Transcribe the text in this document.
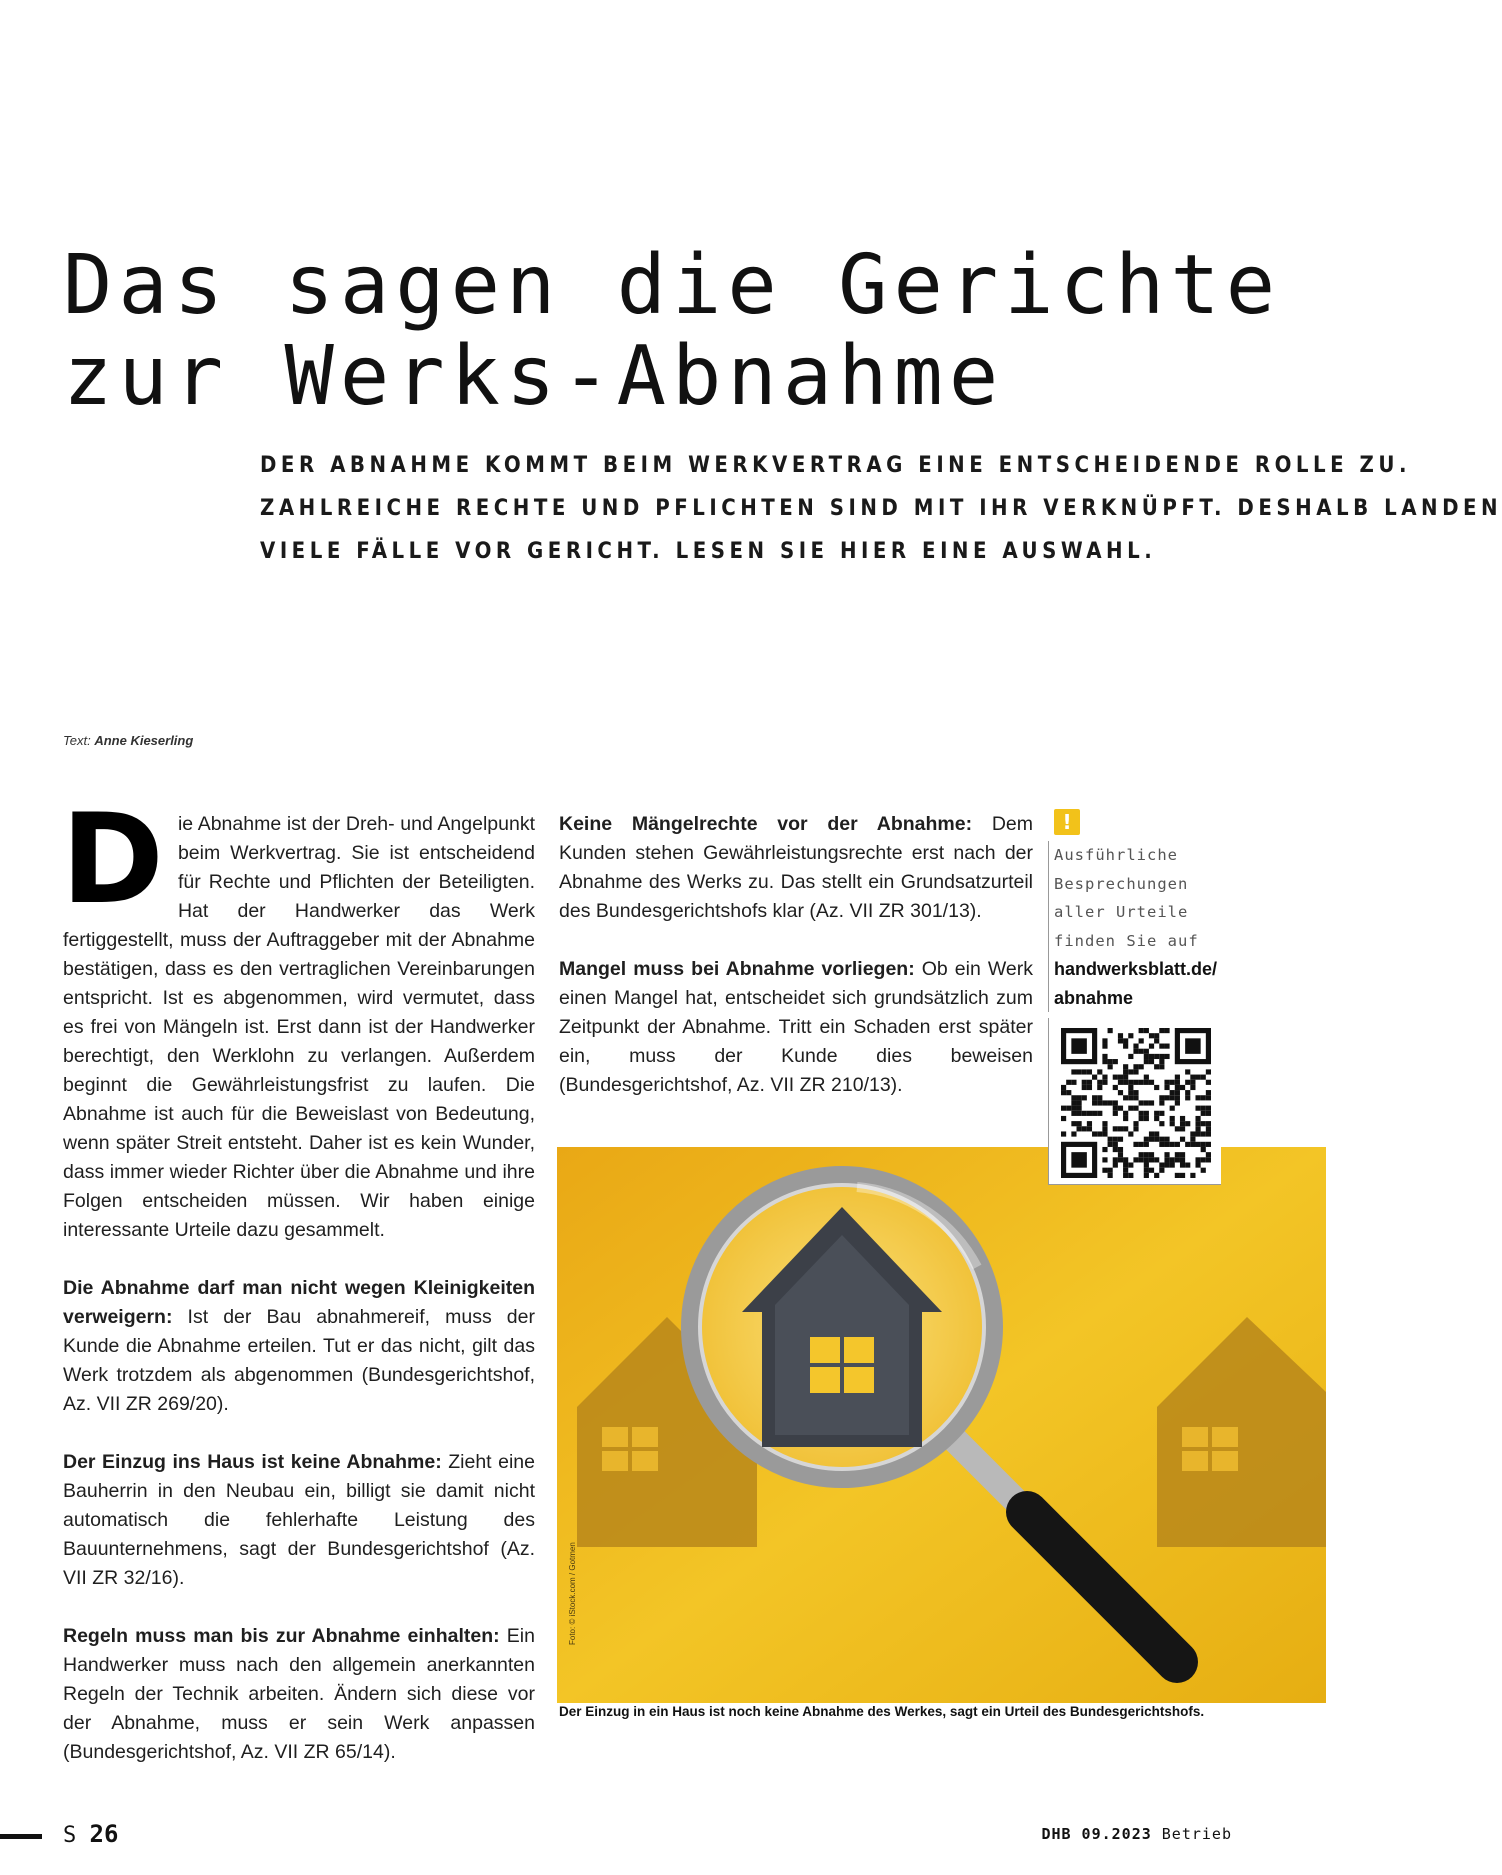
Das sagen die Gerichte
zur Werks-Abnahme
DER ABNAHME KOMMT BEIM WERKVERTRAG EINE ENTSCHEIDENDE ROLLE ZU.
ZAHLREICHE RECHTE UND PFLICHTEN SIND MIT IHR VERKNÜPFT. DESHALB LANDEN
VIELE FÄLLE VOR GERICHT. LESEN SIE HIER EINE AUSWAHL.
Text: Anne Kieserling

Die Abnahme ist der Dreh- und Angelpunkt beim Werkvertrag. Sie ist entscheidend für Rechte und Pflichten der Beteiligten. Hat der Handwerker das Werk fertiggestellt, muss der Auftraggeber mit der Abnahme bestätigen, dass es den vertraglichen Vereinbarungen entspricht. Ist es abgenommen, wird vermutet, dass es frei von Mängeln ist. Erst dann ist der Handwerker berechtigt, den Werklohn zu verlangen. Außerdem beginnt die Gewährleistungsfrist zu laufen. Die Abnahme ist auch für die Beweislast von Bedeutung, wenn später Streit entsteht. Daher ist es kein Wunder, dass immer wieder Richter über die Abnahme und ihre Folgen entscheiden müssen. Wir haben einige interessante Urteile dazu gesammelt.

Die Abnahme darf man nicht wegen Kleinigkeiten verweigern: Ist der Bau abnahmereif, muss der Kunde die Abnahme erteilen. Tut er das nicht, gilt das Werk trotzdem als abgenommen (Bundesgerichtshof, Az. VII ZR 269/20).

Der Einzug ins Haus ist keine Abnahme: Zieht eine Bauherrin in den Neubau ein, billigt sie damit nicht automatisch die fehlerhafte Leistung des Bauunternehmens, sagt der Bundesgerichtshof (Az. VII ZR 32/16).

Regeln muss man bis zur Abnahme einhalten: Ein Handwerker muss nach den allgemein anerkannten Regeln der Technik arbeiten. Ändern sich diese vor der Abnahme, muss er sein Werk anpassen (Bundesgerichtshof, Az. VII ZR 65/14).

Keine Mängelrechte vor der Abnahme: Dem Kunden stehen Gewährleistungsrechte erst nach der Abnahme des Werks zu. Das stellt ein Grundsatzurteil des Bundesgerichtshofs klar (Az. VII ZR 301/13).

Mangel muss bei Abnahme vorliegen: Ob ein Werk einen Mangel hat, entscheidet sich grundsätzlich zum Zeitpunkt der Abnahme. Tritt ein Schaden erst später ein, muss der Kunde dies beweisen (Bundesgerichtshof, Az. VII ZR 210/13).

Foto: © iStock.com / Gotmen
!
Ausführliche
Besprechungen
aller Urteile
finden Sie auf
handwerksblatt.de/
abnahme
Der Einzug in ein Haus ist noch keine Abnahme des Werkes, sagt ein Urteil des Bundesgerichtshofs.
S 26	DHB 09.2023 Betrieb
